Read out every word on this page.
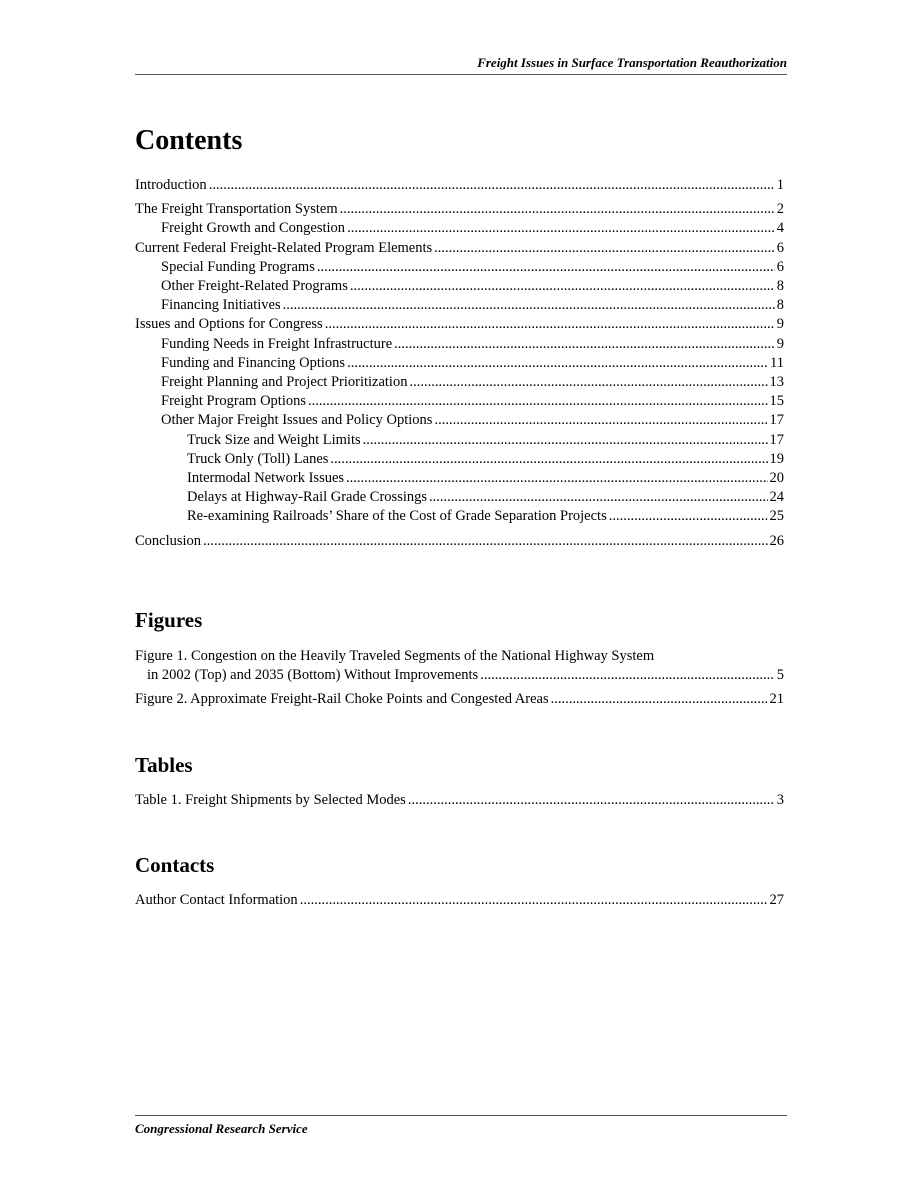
Freight Issues in Surface Transportation Reauthorization
Contents
Introduction .....	1
The Freight Transportation System .....	2
Freight Growth and Congestion .....	4
Current Federal Freight-Related Program Elements .....	6
Special Funding Programs .....	6
Other Freight-Related Programs .....	8
Financing Initiatives .....	8
Issues and Options for Congress .....	9
Funding Needs in Freight Infrastructure .....	9
Funding and Financing Options .....	11
Freight Planning and Project Prioritization .....	13
Freight Program Options .....	15
Other Major Freight Issues and Policy Options .....	17
Truck Size and Weight Limits .....	17
Truck Only (Toll) Lanes .....	19
Intermodal Network Issues .....	20
Delays at Highway-Rail Grade Crossings .....	24
Re-examining Railroads’ Share of the Cost of Grade Separation Projects .....	25
Conclusion .....	26
Figures
Figure 1. Congestion on the Heavily Traveled Segments of the National Highway System
in 2002 (Top) and 2035 (Bottom) Without Improvements .....	5
Figure 2. Approximate Freight-Rail Choke Points and Congested Areas .....	21
Tables
Table 1. Freight Shipments by Selected Modes .....	3
Contacts
Author Contact Information .....	27
Congressional Research Service
